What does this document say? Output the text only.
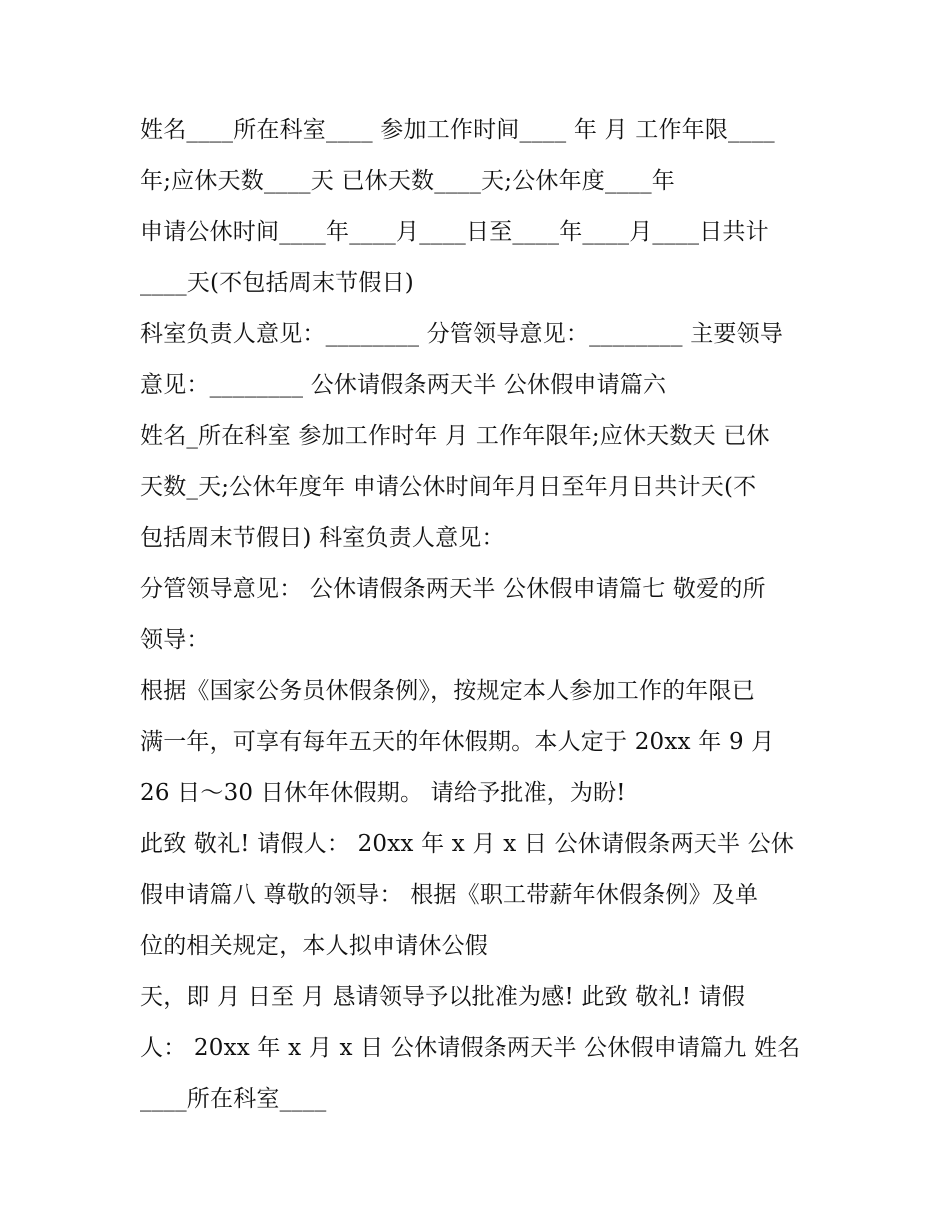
姓名____所在科室____ 参加工作时间____ 年 月 工作年限____
年;应休天数____天 已休天数____天;公休年度____年
申请公休时间____年____月____日至____年____月____日共计
____天(不包括周末节假日)
科室负责人意见：________ 分管领导意见：________ 主要领导
意见：________ 公休请假条两天半 公休假申请篇六
姓名_所在科室 参加工作时年 月 工作年限年;应休天数天 已休
天数_天;公休年度年 申请公休时间年月日至年月日共计天(不
包括周末节假日) 科室负责人意见：
分管领导意见： 公休请假条两天半 公休假申请篇七 敬爱的所
领导：
根据《国家公务员休假条例》，按规定本人参加工作的年限已
满一年，可享有每年五天的年休假期。本人定于 20xx 年 9 月
26 日～30 日休年休假期。 请给予批准，为盼!
此致 敬礼! 请假人： 20xx 年 x 月 x 日 公休请假条两天半 公休
假申请篇八 尊敬的领导： 根据《职工带薪年休假条例》及单
位的相关规定，本人拟申请休公假
天，即 月 日至 月 恳请领导予以批准为感! 此致 敬礼! 请假
人： 20xx 年 x 月 x 日 公休请假条两天半 公休假申请篇九 姓名
____所在科室____
